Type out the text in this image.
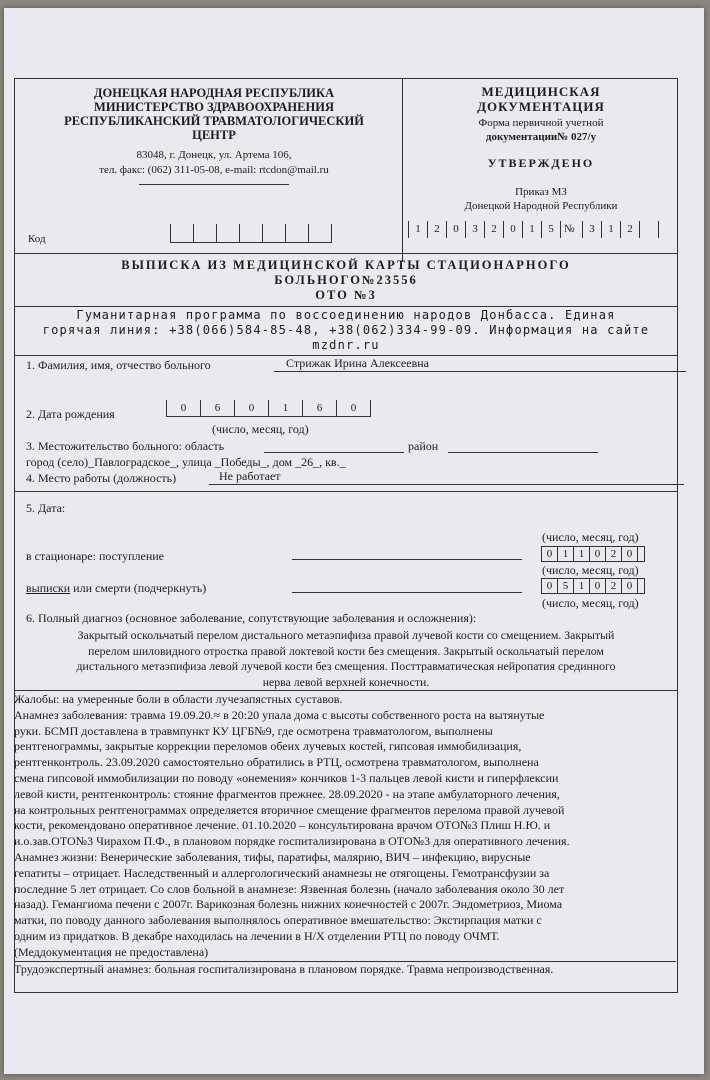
ДОНЕЦКАЯ НАРОДНАЯ РЕСПУБЛИКА
МИНИСТЕРСТВО ЗДРАВООХРАНЕНИЯ
РЕСПУБЛИКАНСКИЙ ТРАВМАТОЛОГИЧЕСКИЙ
ЦЕНТР
83048, г. Донецк, ул. Артема 106,
тел. факс: (062) 311-05-08, e-mail: rtcdon@mail.ru
Код
МЕДИЦИНСКАЯ
ДОКУМЕНТАЦИЯ
Форма первичной учетной
документации№ 027/у
УТВЕРЖДЕНО
Приказ МЗ
Донецкой Народной Республики
1	2	0	3	2	0	1	5 №	3	1	2
ВЫПИСКА ИЗ МЕДИЦИНСКОЙ КАРТЫ СТАЦИОНАРНОГО
БОЛЬНОГО№23556
ОТО №3
Гуманитарная программа по воссоединению народов Донбасса. Единая
горячая линия: +38(066)584-85-48, +38(062)334-99-09. Информация на сайте
mzdnr.ru
1. Фамилия, имя, отчество больного	Стрижак Ирина Алексеевна
2. Дата рождения	0	6	0	1	6	0
(число, месяц, год)
3. Местожительство больного: область	район
город (село)_Павлоградское_, улица _Победы_, дом _26_, кв._
4. Место работы (должность)	Не работает
5. Дата:
(число, месяц, год)
в стационаре: поступление	0 1 1 0 2 0
(число, месяц, год)
выписки или смерти (подчеркнуть)	0 5 1 0 2 0
(число, месяц, год)
6. Полный диагноз (основное заболевание, сопутствующие заболевания и осложнения):
Закрытый оскольчатый перелом дистального метаэпифиза правой лучевой кости со смещением. Закрытый
перелом шиловидного отростка правой локтевой кости без смещения. Закрытый оскольчатый перелом
дистального метаэпифиза левой лучевой кости без смещения. Посттравматическая нейропатия срединного
нерва левой верхней конечности.
Жалобы: на умеренные боли в области лучезапястных суставов.
Анамнез заболевания: травма 19.09.20.≈ в 20:20 упала дома с высоты собственного роста на вытянутые
руки. БСМП доставлена в травмпункт КУ ЦГБ№9, где осмотрена травматологом, выполнены
рентгенограммы, закрытые коррекции переломов обеих лучевых костей, гипсовая иммобилизация,
рентгенконтроль. 23.09.2020 самостоятельно обратились в РТЦ, осмотрена травматологом, выполнена
смена гипсовой иммобилизации по поводу «онемения» кончиков 1-3 пальцев левой кисти и гиперфлексии
левой кисти, рентгенконтроль: стояние фрагментов прежнее. 28.09.2020 - на этапе амбулаторного лечения,
на контрольных рентгенограммах определяется вторичное смещение фрагментов перелома правой лучевой
кости, рекомендовано оперативное лечение. 01.10.2020 – консультирована врачом ОТО№3 Плиш Н.Ю. и
и.о.зав.ОТО№3 Чирахом П.Ф., в плановом порядке госпитализирована в ОТО№3 для оперативного лечения.
Анамнез жизни: Венерические заболевания, тифы, паратифы, малярию, ВИЧ – инфекцию, вирусные
гепатиты – отрицает. Наследственный и аллергологический анамнезы не отягощены. Гемотрансфузии за
последние 5 лет отрицает. Со слов больной в анамнезе: Язвенная болезнь (начало заболевания около 30 лет
назад). Гемангиома печени с 2007г. Варикозная болезнь нижних конечностей с 2007г. Эндометриоз, Миома
матки, по поводу данного заболевания выполнялось оперативное вмешательство: Экстирпация матки с
одним из придатков. В декабре находилась на лечении в Н/Х отделении РТЦ по поводу ОЧМТ.
(Меддокументация не предоставлена)
Трудоэкспертный анамнез: больная госпитализирована в плановом порядке. Травма непроизводственная.
